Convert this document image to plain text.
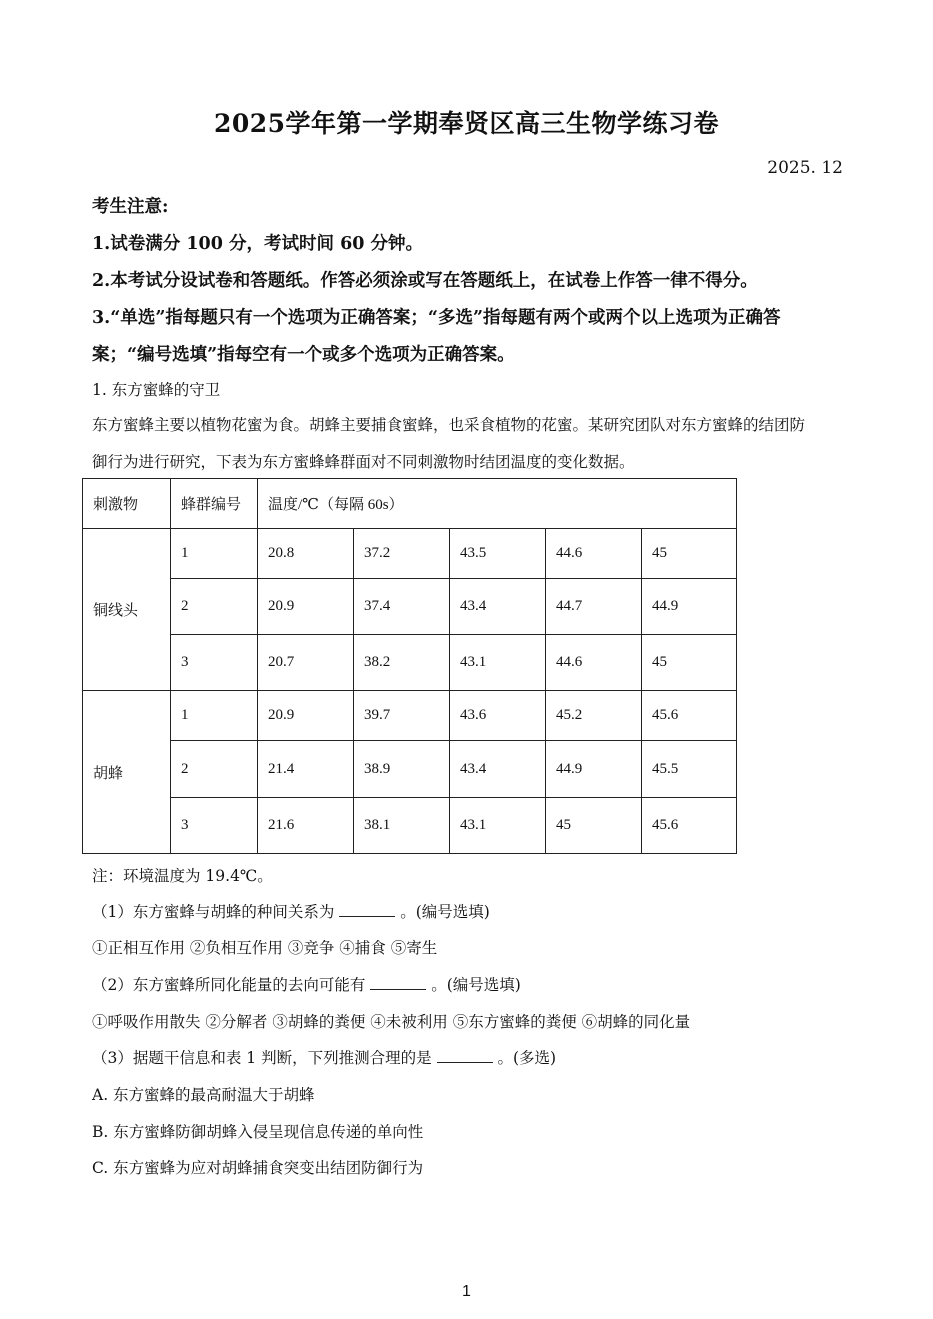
2025学年第一学期奉贤区高三生物学练习卷
2025. 12
考生注意:
1.试卷满分 100 分，考试时间 60 分钟。
2.本考试分设试卷和答题纸。作答必须涂或写在答题纸上，在试卷上作答一律不得分。
3.“单选”指每题只有一个选项为正确答案；“多选”指每题有两个或两个以上选项为正确答
案；“编号选填”指每空有一个或多个选项为正确答案。
1. 东方蜜蜂的守卫
东方蜜蜂主要以植物花蜜为食。胡蜂主要捕食蜜蜂，也采食植物的花蜜。某研究团队对东方蜜蜂的结团防
御行为进行研究，下表为东方蜜蜂蜂群面对不同刺激物时结团温度的变化数据。
刺激物	蜂群编号	温度/℃（每隔 60s）				
铜线头	1	20.8	37.2	43.5	44.6	45
	2	20.9	37.4	43.4	44.7	44.9
	3	20.7	38.2	43.1	44.6	45
胡蜂	1	20.9	39.7	43.6	45.2	45.6
	2	21.4	38.9	43.4	44.9	45.5
	3	21.6	38.1	43.1	45	45.6
注：环境温度为 19.4℃。
（1）东方蜜蜂与胡蜂的种间关系为	。(编号选填)
①正相互作用 ②负相互作用 ③竞争 ④捕食 ⑤寄生
（2）东方蜜蜂所同化能量的去向可能有	。(编号选填)
①呼吸作用散失 ②分解者 ③胡蜂的粪便 ④未被利用 ⑤东方蜜蜂的粪便 ⑥胡蜂的同化量
（3）据题干信息和表 1 判断，下列推测合理的是	。(多选)
A. 东方蜜蜂的最高耐温大于胡蜂
B. 东方蜜蜂防御胡蜂入侵呈现信息传递的单向性
C. 东方蜜蜂为应对胡蜂捕食突变出结团防御行为
1
